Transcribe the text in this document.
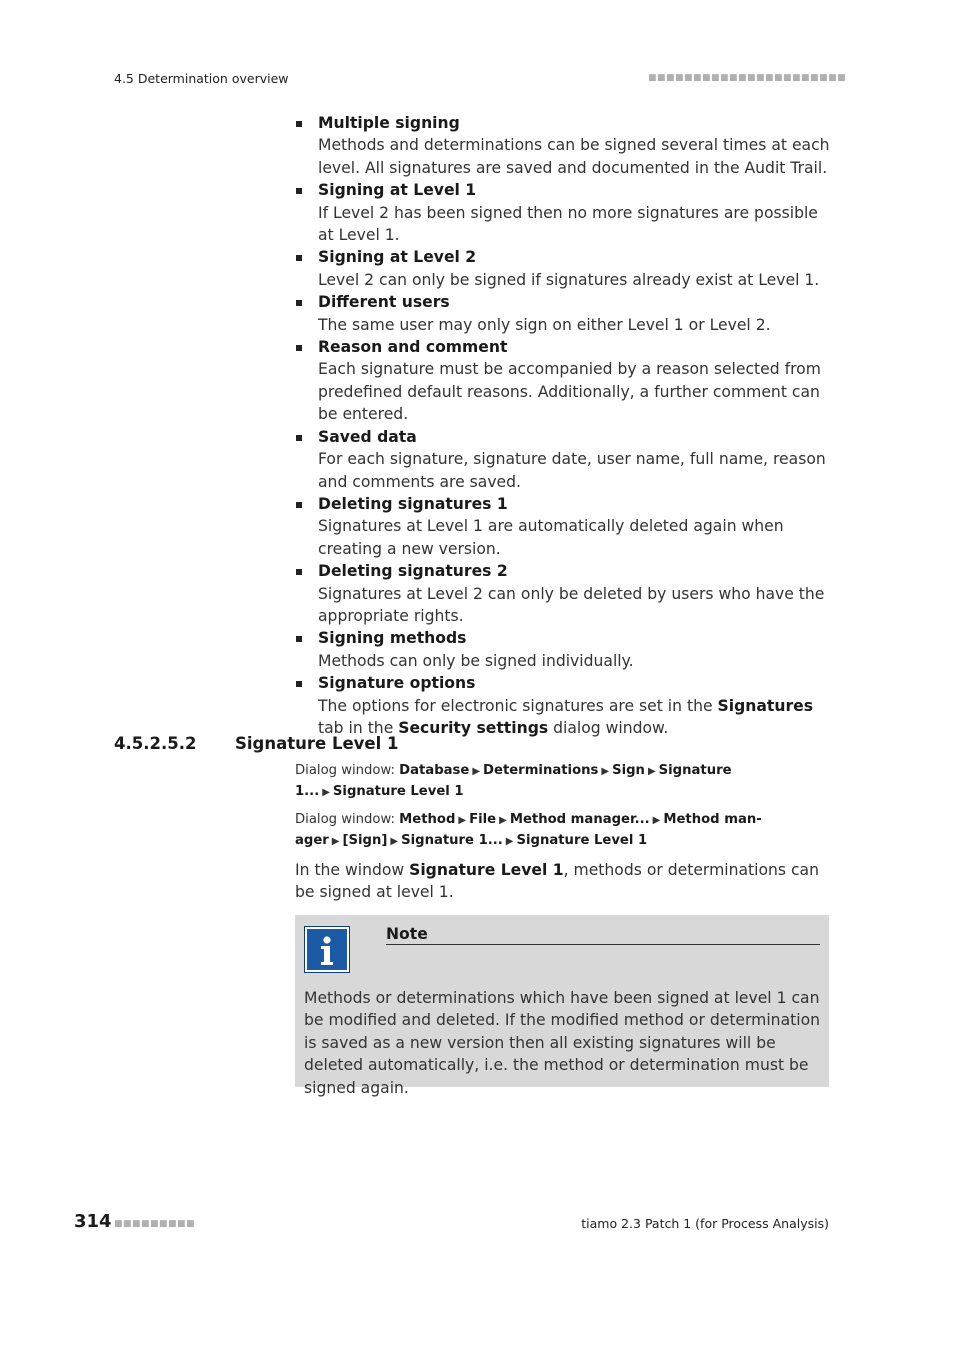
4.5 Determination overview	■■■■■■■■■■■■■■■■■■■■■■
Multiple signing
Methods and determinations can be signed several times at each level. All signatures are saved and documented in the Audit Trail.
Signing at Level 1
If Level 2 has been signed then no more signatures are possible at Level 1.
Signing at Level 2
Level 2 can only be signed if signatures already exist at Level 1.
Different users
The same user may only sign on either Level 1 or Level 2.
Reason and comment
Each signature must be accompanied by a reason selected from predefined default reasons. Additionally, a further comment can be entered.
Saved data
For each signature, signature date, user name, full name, reason and comments are saved.
Deleting signatures 1
Signatures at Level 1 are automatically deleted again when creating a new version.
Deleting signatures 2
Signatures at Level 2 can only be deleted by users who have the appropriate rights.
Signing methods
Methods can only be signed individually.
Signature options
The options for electronic signatures are set in the Signatures tab in the Security settings dialog window.
4.5.2.5.2 Signature Level 1
Dialog window: Database ▶ Determinations ▶ Sign ▶ Signature 1... ▶ Signature Level 1
Dialog window: Method ▶ File ▶ Method manager... ▶ Method manager ▶ [Sign] ▶ Signature 1... ▶ Signature Level 1
In the window Signature Level 1, methods or determinations can be signed at level 1.
Note
Methods or determinations which have been signed at level 1 can be modified and deleted. If the modified method or determination is saved as a new version then all existing signatures will be deleted automatically, i.e. the method or determination must be signed again.
314 ■■■■■■■■■	tiamo 2.3 Patch 1 (for Process Analysis)
